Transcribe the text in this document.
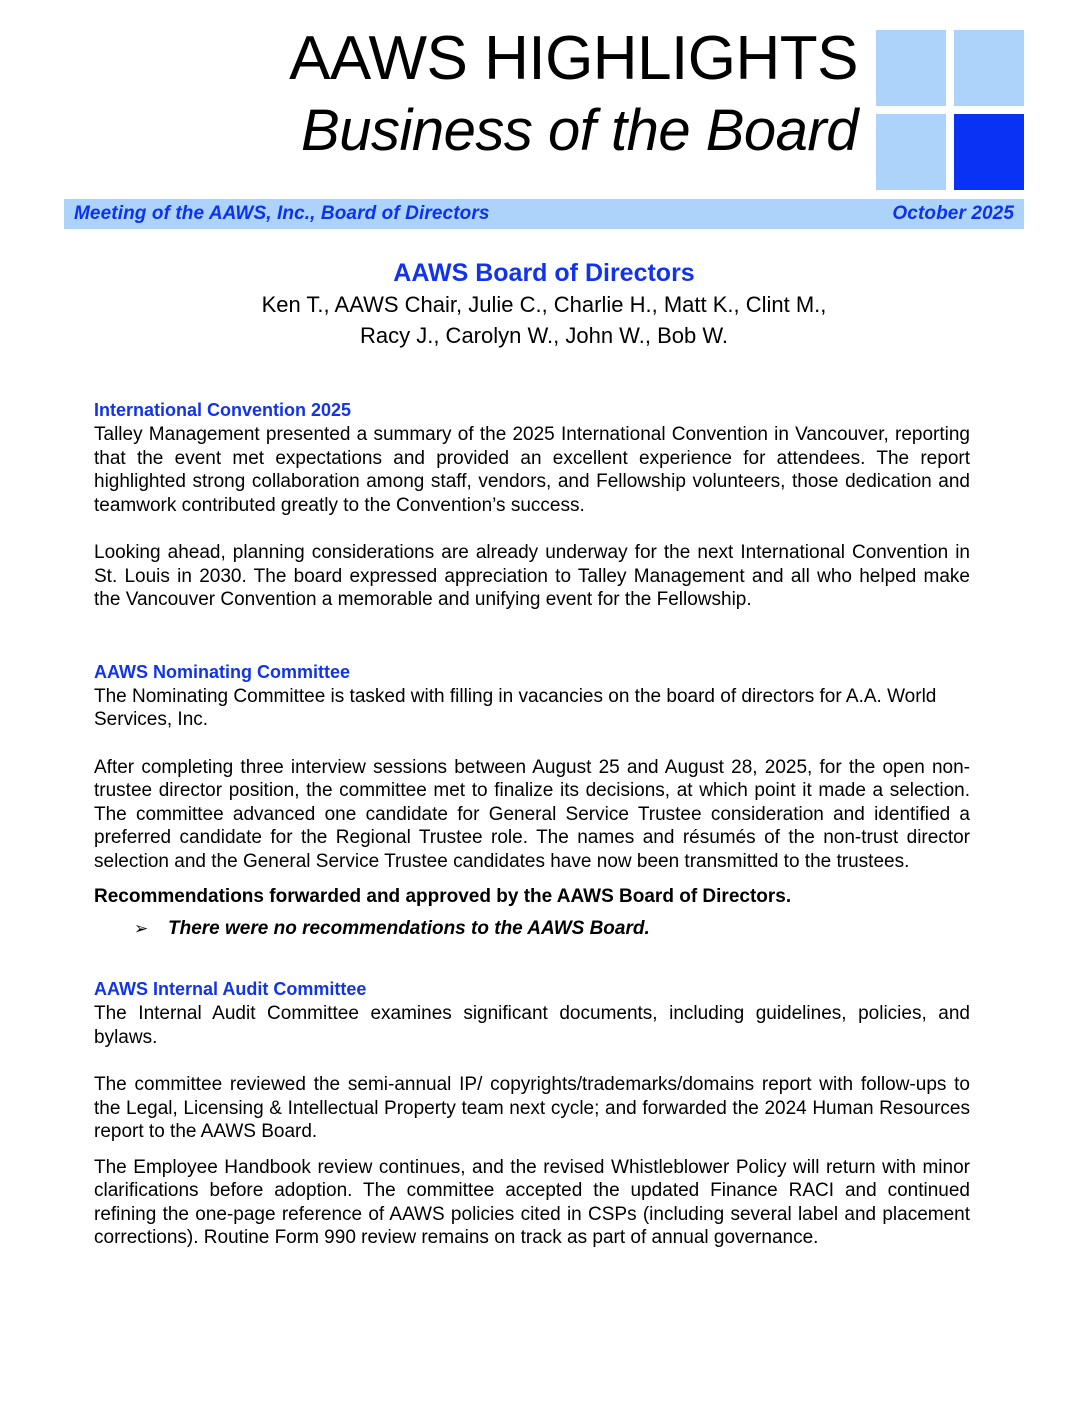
AAWS HIGHLIGHTS
Business of the Board
Meeting of the AAWS, Inc., Board of Directors	October 2025
AAWS Board of Directors
Ken T., AAWS Chair, Julie C., Charlie H., Matt K., Clint M.,
Racy J., Carolyn W., John W., Bob W.
International Convention 2025

Talley Management presented a summary of the 2025 International Convention in Vancouver, reporting that the event met expectations and provided an excellent experience for attendees. The report highlighted strong collaboration among staff, vendors, and Fellowship volunteers, those dedication and teamwork contributed greatly to the Convention’s success.

Looking ahead, planning considerations are already underway for the next International Convention in St. Louis in 2030. The board expressed appreciation to Talley Management and all who helped make the Vancouver Convention a memorable and unifying event for the Fellowship.

AAWS Nominating Committee

The Nominating Committee is tasked with filling in vacancies on the board of directors for A.A. World Services, Inc.

After completing three interview sessions between August 25 and August 28, 2025, for the open non-trustee director position, the committee met to finalize its decisions, at which point it made a selection. The committee advanced one candidate for General Service Trustee consideration and identified a preferred candidate for the Regional Trustee role. The names and résumés of the non-trust director selection and the General Service Trustee candidates have now been transmitted to the trustees.

Recommendations forwarded and approved by the AAWS Board of Directors.

➢	There were no recommendations to the AAWS Board.
AAWS Internal Audit Committee

The Internal Audit Committee examines significant documents, including guidelines, policies, and bylaws.

The committee reviewed the semi-annual IP/ copyrights/trademarks/domains report with follow-ups to the Legal, Licensing & Intellectual Property team next cycle; and forwarded the 2024 Human Resources report to the AAWS Board.

The Employee Handbook review continues, and the revised Whistleblower Policy will return with minor clarifications before adoption. The committee accepted the updated Finance RACI and continued refining the one-page reference of AAWS policies cited in CSPs (including several label and placement corrections). Routine Form 990 review remains on track as part of annual governance.
